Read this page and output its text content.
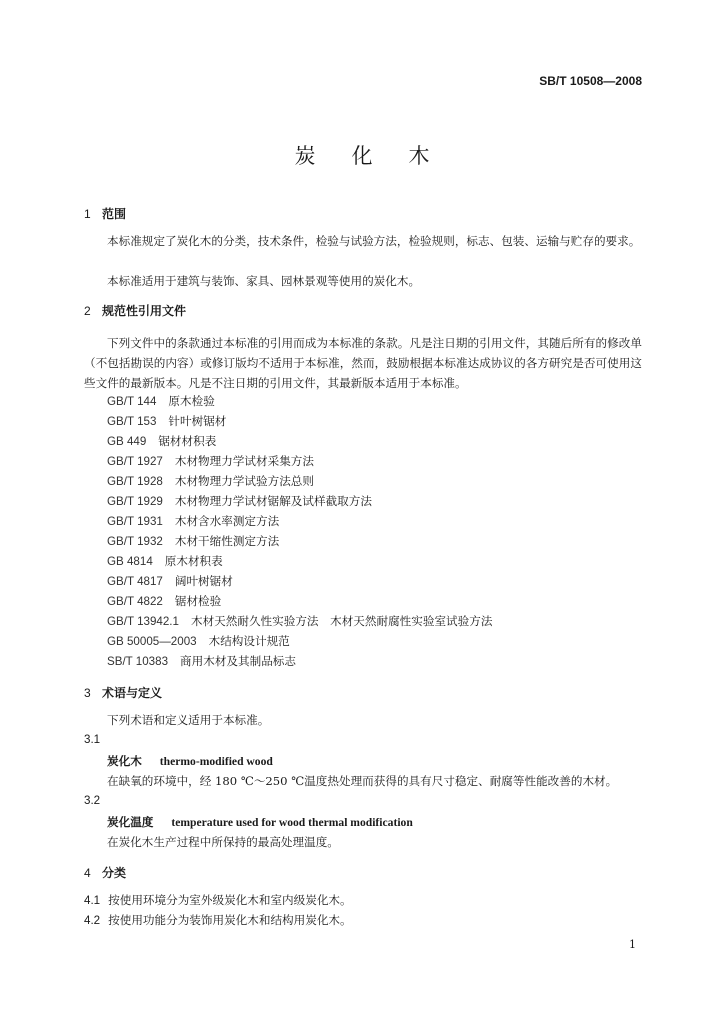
SB/T 10508—2008
炭化木
1 范围
本标准规定了炭化木的分类，技术条件，检验与试验方法，检验规则，标志、包装、运输与贮存的要求。
本标准适用于建筑与装饰、家具、园林景观等使用的炭化木。
2 规范性引用文件
下列文件中的条款通过本标准的引用而成为本标准的条款。凡是注日期的引用文件，其随后所有的修改单（不包括勘误的内容）或修订版均不适用于本标准，然而，鼓励根据本标准达成协议的各方研究是否可使用这些文件的最新版本。凡是不注日期的引用文件，其最新版本适用于本标准。
GB/T 144 原木检验
GB/T 153 针叶树锯材
GB 449 锯材材积表
GB/T 1927 木材物理力学试材采集方法
GB/T 1928 木材物理力学试验方法总则
GB/T 1929 木材物理力学试材锯解及试样截取方法
GB/T 1931 木材含水率测定方法
GB/T 1932 木材干缩性测定方法
GB 4814 原木材积表
GB/T 4817 阔叶树锯材
GB/T 4822 锯材检验
GB/T 13942.1 木材天然耐久性实验方法　木材天然耐腐性实验室试验方法
GB 50005—2003 木结构设计规范
SB/T 10383 商用木材及其制品标志
3 术语与定义
下列术语和定义适用于本标准。
3.1
炭化木 thermo-modified wood
在缺氧的环境中，经 180 ℃～250 ℃温度热处理而获得的具有尺寸稳定、耐腐等性能改善的木材。
3.2
炭化温度 temperature used for wood thermal modification
在炭化木生产过程中所保持的最高处理温度。
4 分类
4.1 按使用环境分为室外级炭化木和室内级炭化木。
4.2 按使用功能分为装饰用炭化木和结构用炭化木。
1
